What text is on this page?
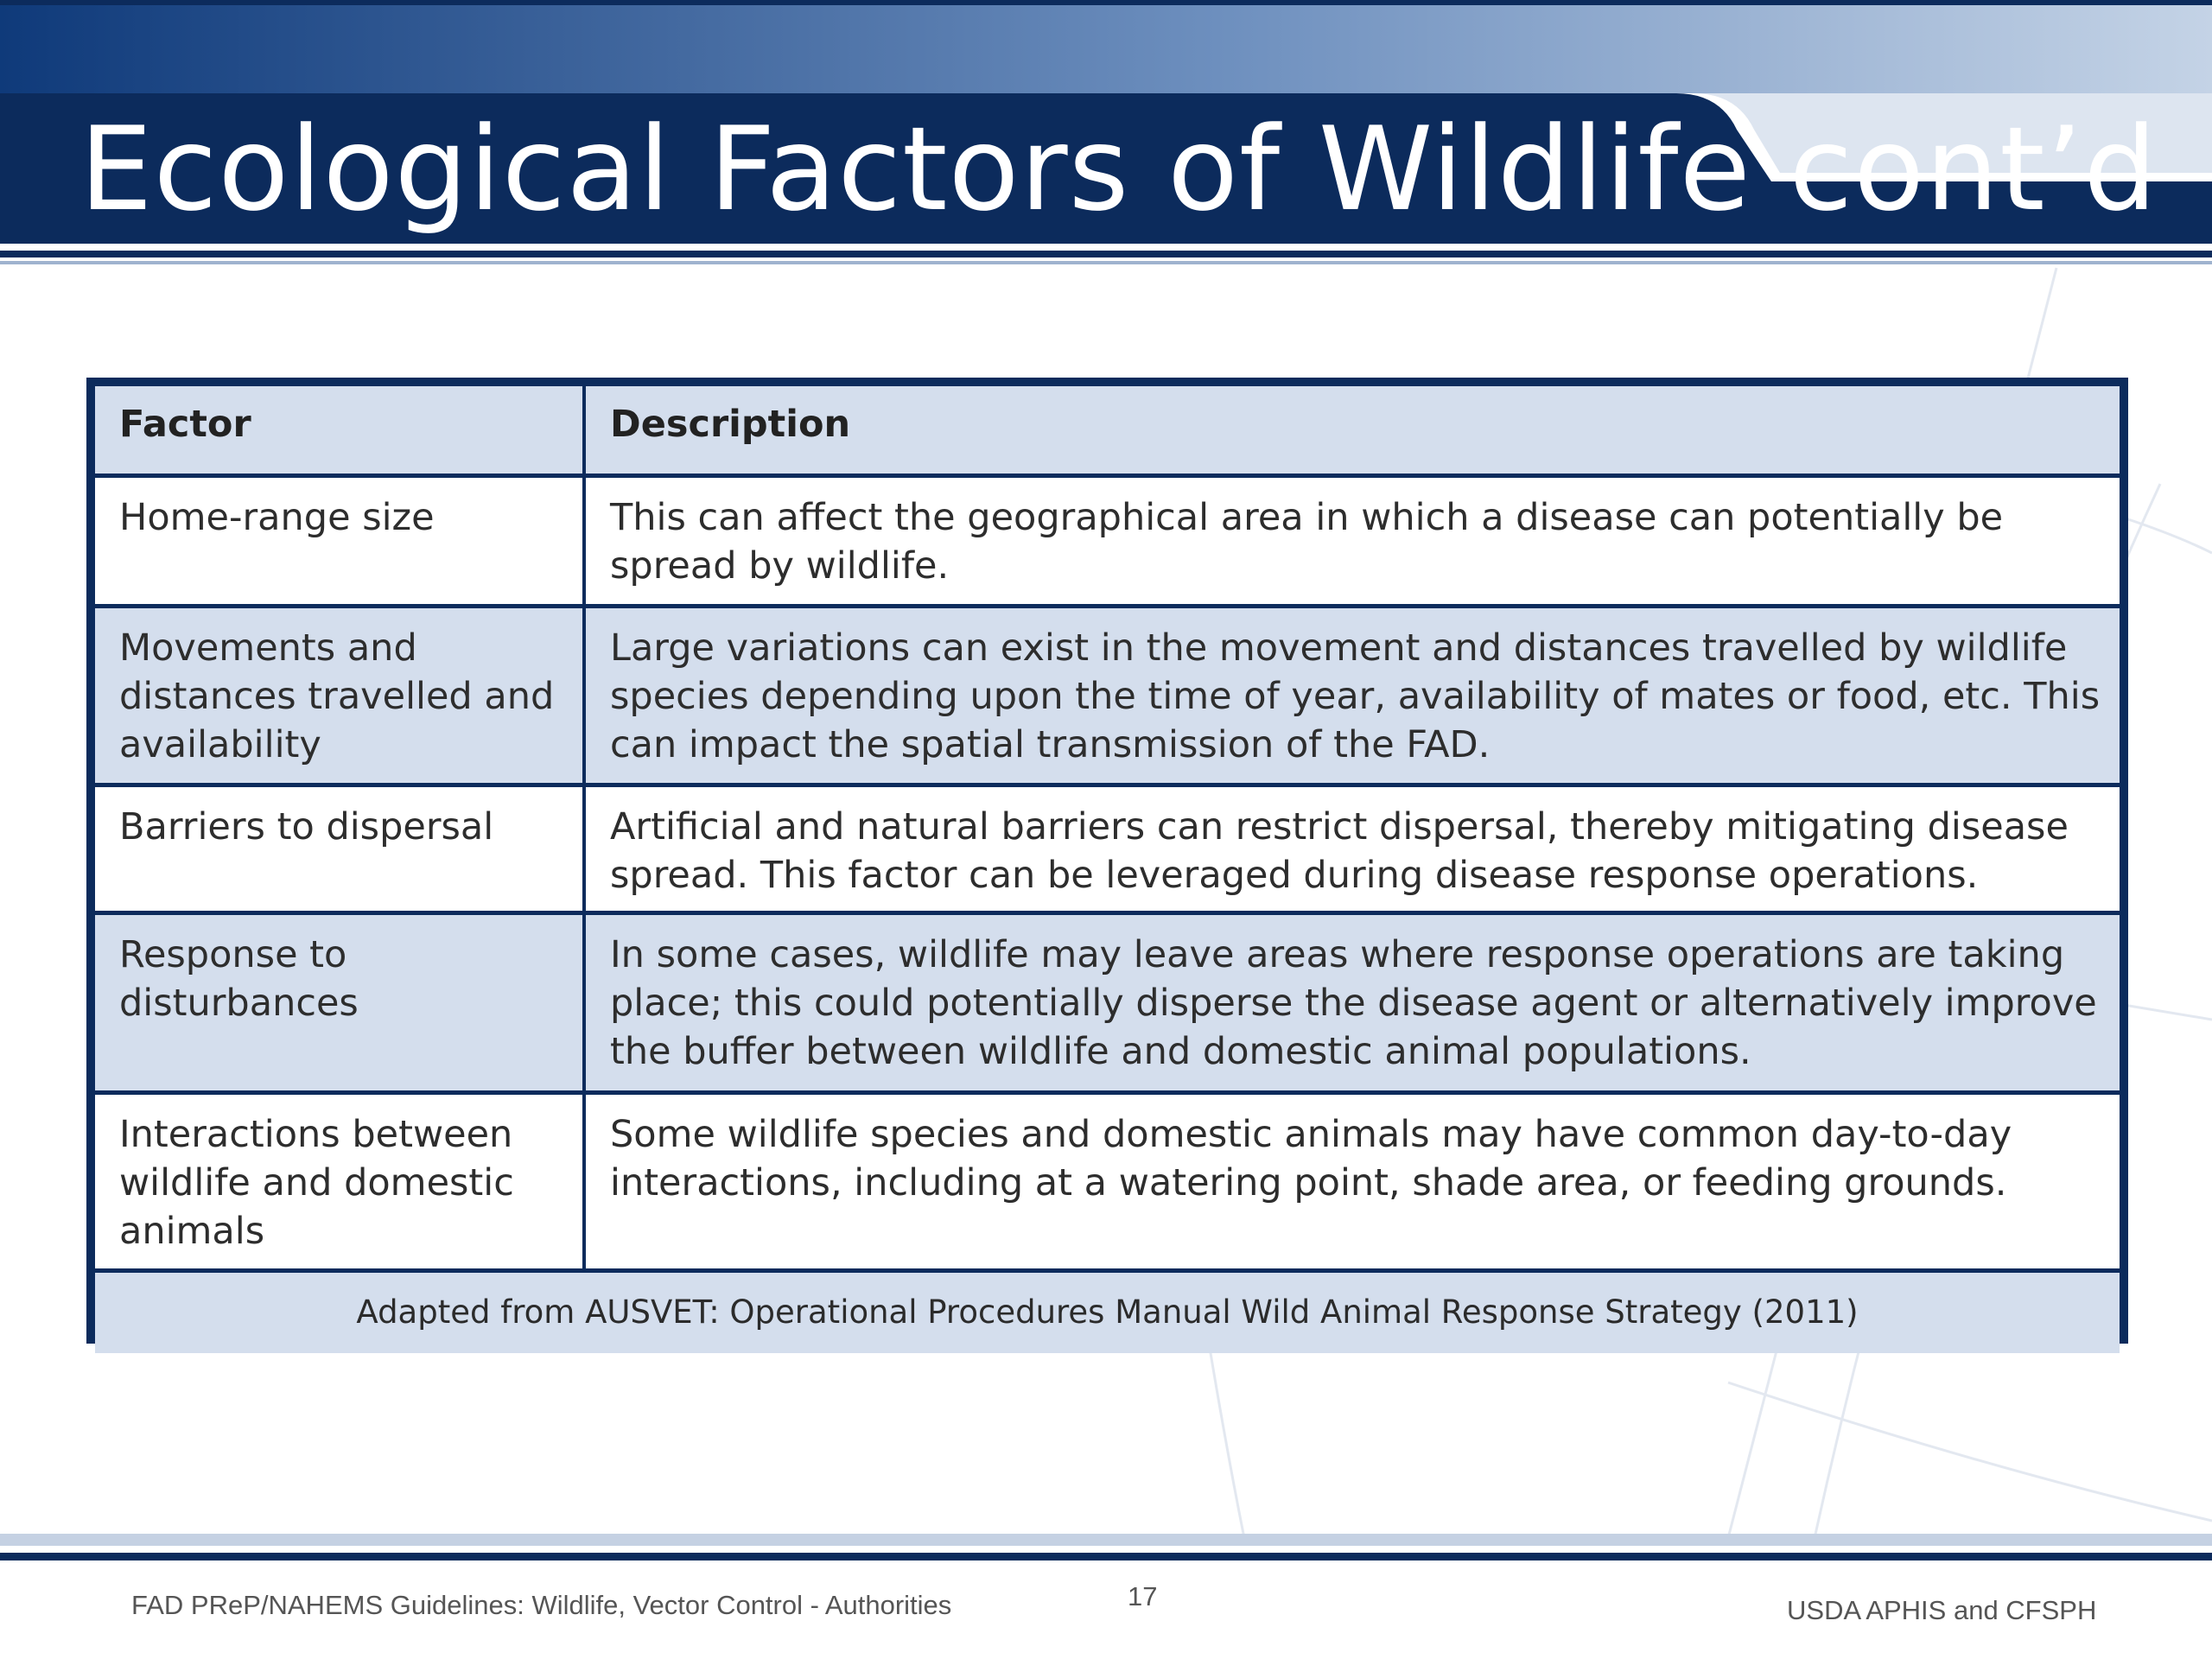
Ecological Factors of Wildlife cont’d
Factor	Description
Home-range size	This can affect the geographical area in which a disease can potentially be spread by wildlife.
Movements and distances travelled and availability	Large variations can exist in the movement and distances travelled by wildlife species depending upon the time of year, availability of mates or food, etc. This can impact the spatial transmission of the FAD.
Barriers to dispersal	Artificial and natural barriers can restrict dispersal, thereby mitigating disease spread. This factor can be leveraged during disease response operations.
Response to disturbances	In some cases, wildlife may leave areas where response operations are taking place; this could potentially disperse the disease agent or alternatively improve the buffer between wildlife and domestic animal populations.
Interactions between wildlife and domestic animals	Some wildlife species and domestic animals may have common day-to-day interactions, including at a watering point, shade area, or feeding grounds.
Adapted from AUSVET: Operational Procedures Manual Wild Animal Response Strategy (2011)	
FAD PReP/NAHEMS Guidelines: Wildlife, Vector Control - Authorities	17	USDA APHIS and CFSPH
